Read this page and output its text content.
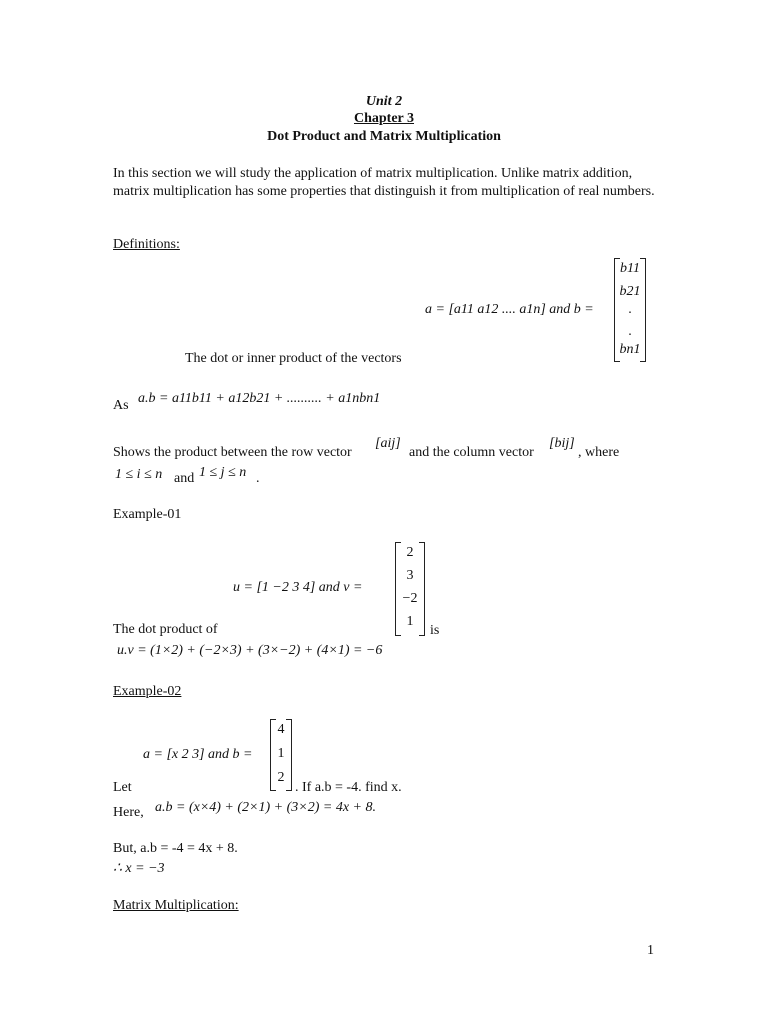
Unit 2
Chapter 3
Dot Product and Matrix Multiplication
In this section we will study the application of matrix multiplication. Unlike matrix addition, matrix multiplication has some properties that distinguish it from multiplication of real numbers.
Definitions:
a = [a11 a12 .... a1n] and b =
b11
b21
.
.
bn1
The dot or inner product of the vectors
As a.b = a11b11 + a12b21 + .......... + a1nbn1
Shows the product between the row vector
[aij]
and the column vector
[bij]
, where
1 ≤ i ≤ n and 1 ≤ j ≤ n .
Example-01
u = [1 −2 3 4] and v =
2
3
−2
1
The dot product of	is
u.v = (1×2) + (−2×3) + (3×−2) + (4×1) = −6
Example-02
a = [x 2 3] and b =
4
1
2
Let	. If a.b = -4. find x.
Here, a.b = (x×4) + (2×1) + (3×2) = 4x + 8.
But, a.b = -4 = 4x + 8.
∴ x = −3
Matrix Multiplication:
1
